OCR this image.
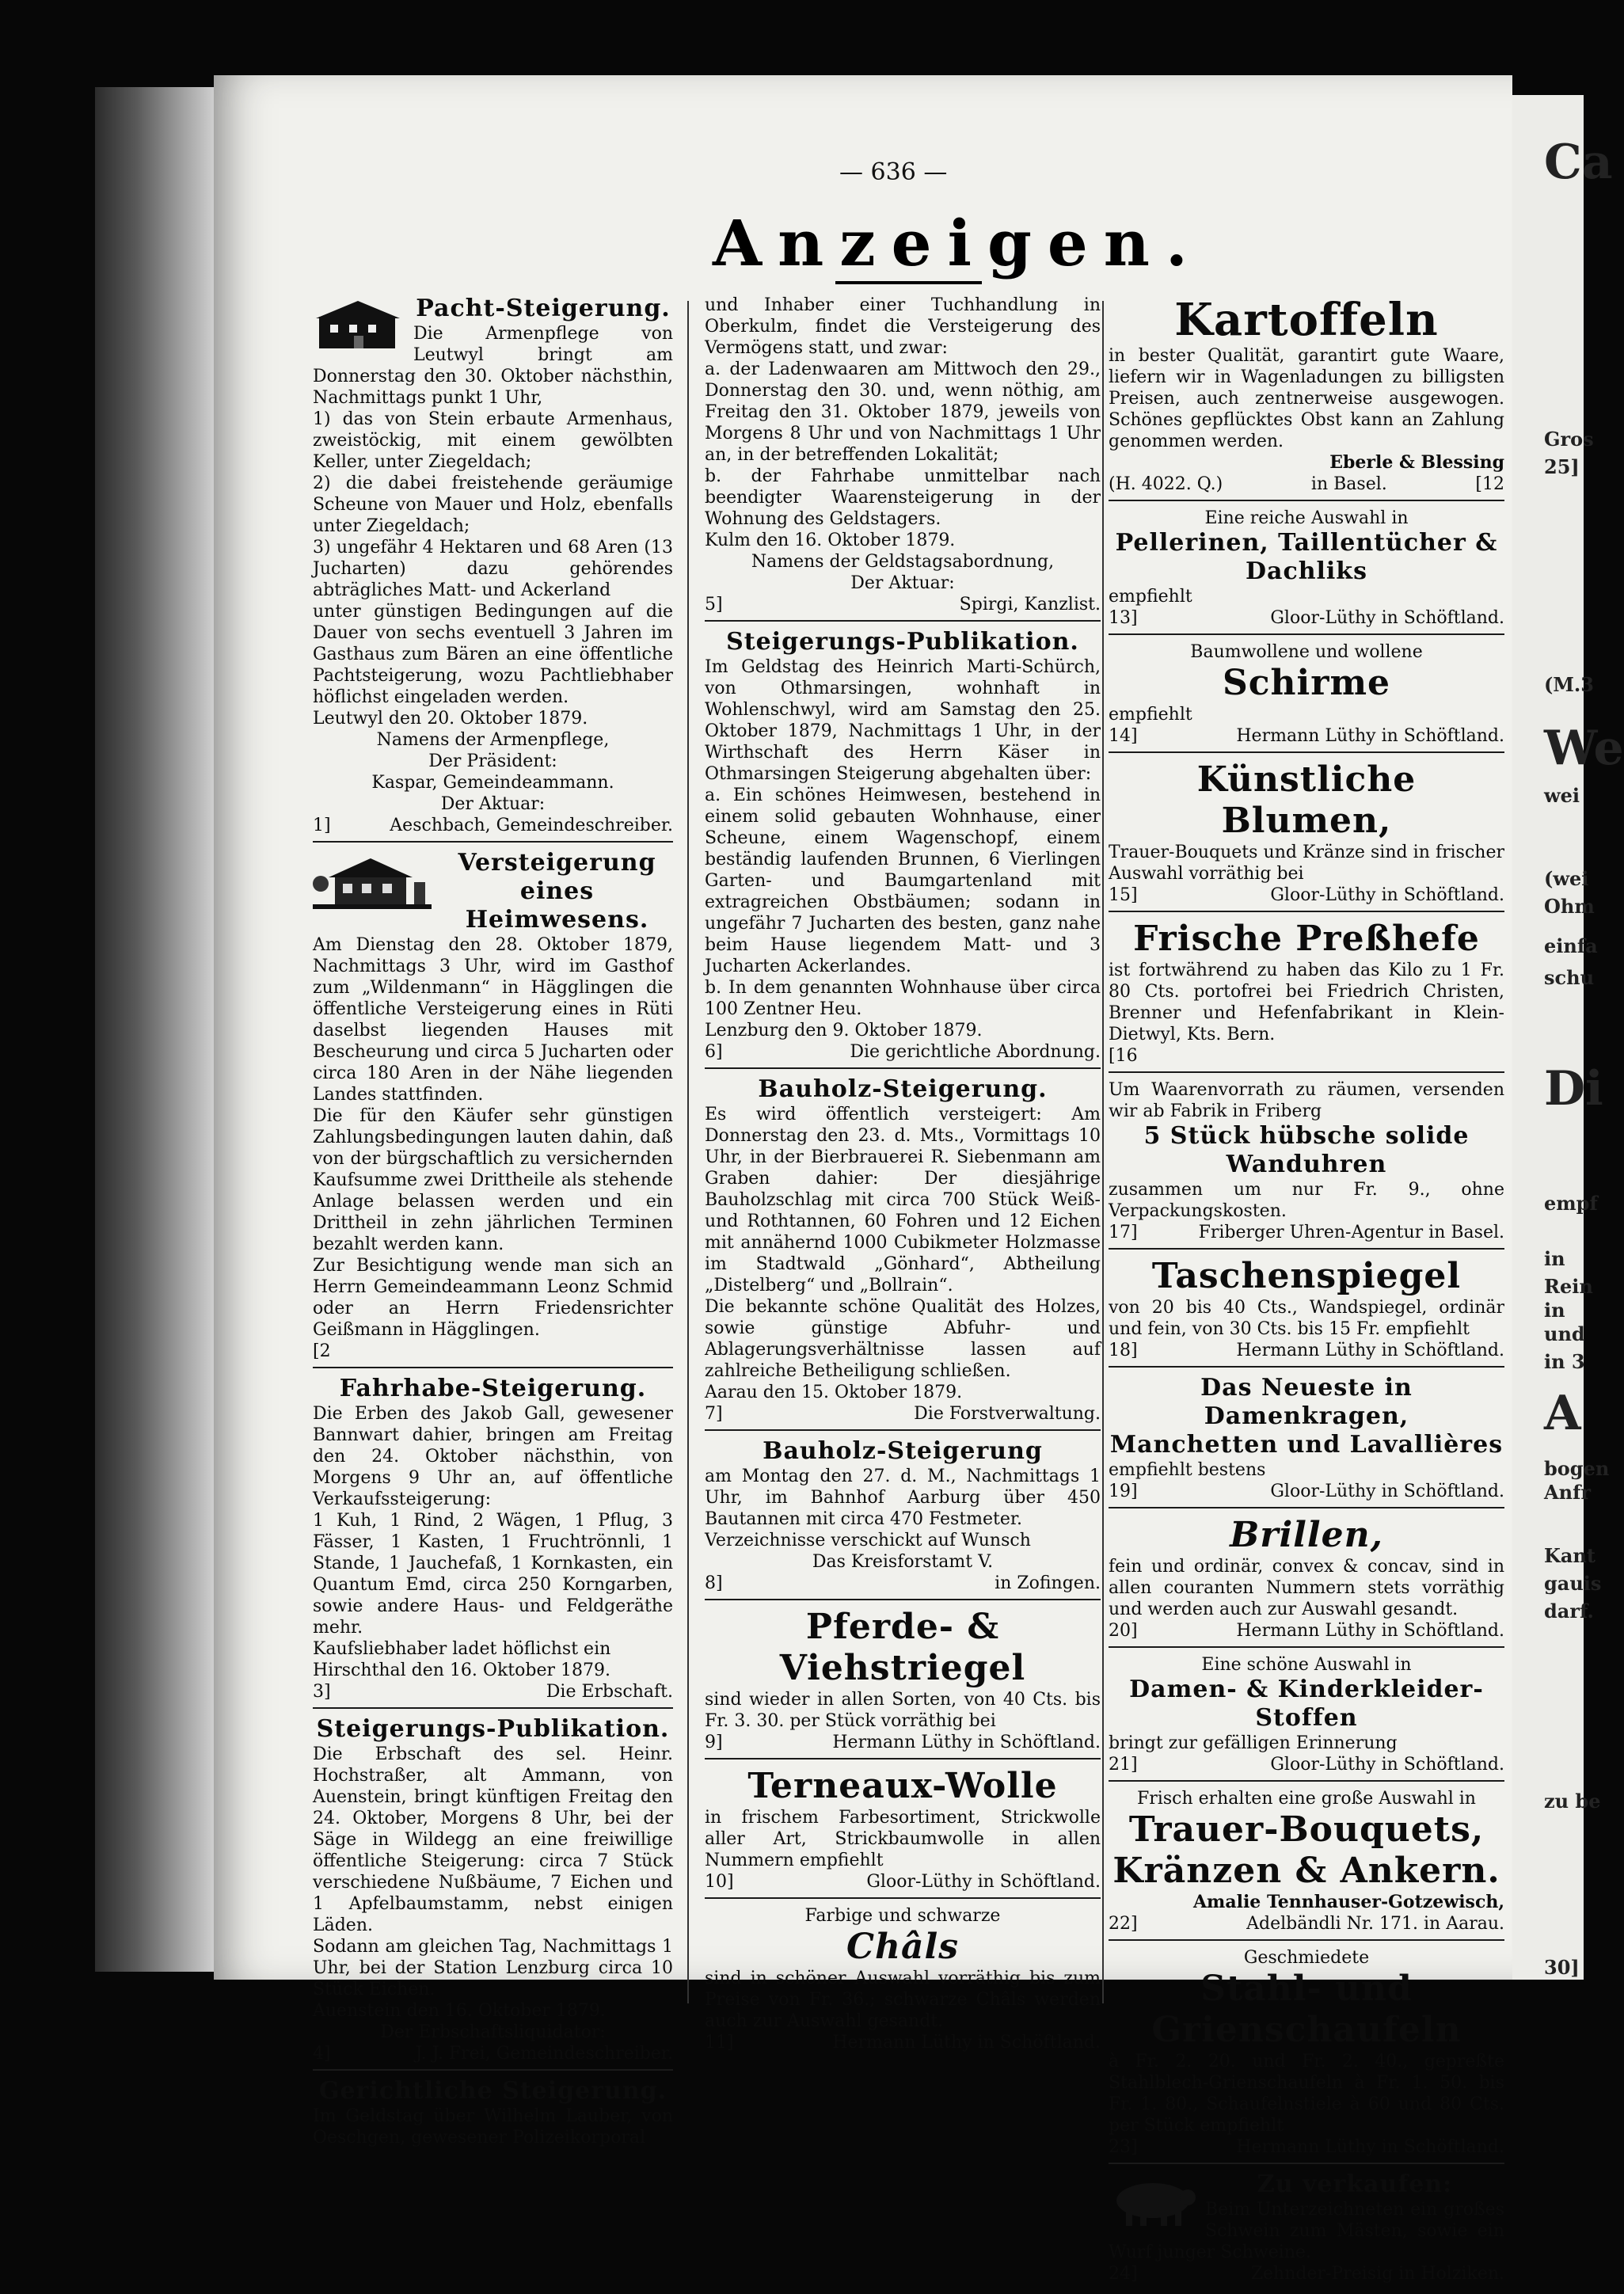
Ca
Gros
25]
(M.3
We
wei
(wei
Ohm
einfa
schu
Di
empf
in
Rein
in
und
in 3
A
bogen
Anfr
Kant
gauis
darf.
zu be
30]
— 636 —
Anzeigen.
Pacht-Steigerung.
Die Armenpflege von Leutwyl bringt am Donnerstag den 30. Oktober nächsthin, Nachmittags punkt 1 Uhr,
1) das von Stein erbaute Armenhaus, zweistöckig, mit einem gewölbten Keller, unter Ziegeldach;
2) die dabei freistehende geräumige Scheune von Mauer und Holz, ebenfalls unter Ziegeldach;
3) ungefähr 4 Hektaren und 68 Aren (13 Jucharten) dazu gehörendes abträgliches Matt- und Ackerland
unter günstigen Bedingungen auf die Dauer von sechs eventuell 3 Jahren im Gasthaus zum Bären an eine öffentliche Pachtsteigerung, wozu Pachtliebhaber höflichst eingeladen werden.
Leutwyl den 20. Oktober 1879.
Namens der Armenpflege,
Der Präsident:
Kaspar, Gemeindeammann.
Der Aktuar:
1]	Aeschbach, Gemeindeschreiber.
Versteigerung eines Heimwesens.
Am Dienstag den 28. Oktober 1879, Nachmittags 3 Uhr, wird im Gasthof zum „Wildenmann“ in Hägglingen die öffentliche Versteigerung eines in Rüti daselbst liegenden Hauses mit Bescheurung und circa 5 Jucharten oder circa 180 Aren in der Nähe liegenden Landes stattfinden.
Die für den Käufer sehr günstigen Zahlungsbedingungen lauten dahin, daß von der bürgschaftlich zu versichernden Kaufsumme zwei Drittheile als stehende Anlage belassen werden und ein Drittheil in zehn jährlichen Terminen bezahlt werden kann.
Zur Besichtigung wende man sich an Herrn Gemeindeammann Leonz Schmid oder an Herrn Friedensrichter Geißmann in Hägglingen.
[2
Fahrhabe-Steigerung.
Die Erben des Jakob Gall, gewesener Bannwart dahier, bringen am Freitag den 24. Oktober nächsthin, von Morgens 9 Uhr an, auf öffentliche Verkaufssteigerung:
1 Kuh, 1 Rind, 2 Wägen, 1 Pflug, 3 Fässer, 1 Kasten, 1 Fruchtrönnli, 1 Stande, 1 Jauchefaß, 1 Kornkasten, ein Quantum Emd, circa 250 Korngarben, sowie andere Haus- und Feldgeräthe mehr.
Kaufsliebhaber ladet höflichst ein
Hirschthal den 16. Oktober 1879.
3]	Die Erbschaft.
Steigerungs-Publikation.
Die Erbschaft des sel. Heinr. Hochstraßer, alt Ammann, von Auenstein, bringt künftigen Freitag den 24. Oktober, Morgens 8 Uhr, bei der Säge in Wildegg an eine freiwillige öffentliche Steigerung: circa 7 Stück verschiedene Nußbäume, 7 Eichen und 1 Apfelbaumstamm, nebst einigen Läden.
Sodann am gleichen Tag, Nachmittags 1 Uhr, bei der Station Lenzburg circa 10 Stück Eichen.
Auenstein den 16. Oktober 1879.
Der Erbschaftsliquidator:
4]	J. J. Frei, Gemeindeschreiber.
Gerichtliche Steigerung.
Im Geldstag über Wilhelm Lauber, von Oeschgen, gewesener Polizeikorporal
und Inhaber einer Tuchhandlung in Oberkulm, findet die Versteigerung des Vermögens statt, und zwar:
a. der Ladenwaaren am Mittwoch den 29., Donnerstag den 30. und, wenn nöthig, am Freitag den 31. Oktober 1879, jeweils von Morgens 8 Uhr und von Nachmittags 1 Uhr an, in der betreffenden Lokalität;
b. der Fahrhabe unmittelbar nach beendigter Waarensteigerung in der Wohnung des Geldstagers.
Kulm den 16. Oktober 1879.
Namens der Geldstagsabordnung,
Der Aktuar:
5]	Spirgi, Kanzlist.
Steigerungs-Publikation.
Im Geldstag des Heinrich Marti-Schürch, von Othmarsingen, wohnhaft in Wohlenschwyl, wird am Samstag den 25. Oktober 1879, Nachmittags 1 Uhr, in der Wirthschaft des Herrn Käser in Othmarsingen Steigerung abgehalten über:
a. Ein schönes Heimwesen, bestehend in einem solid gebauten Wohnhause, einer Scheune, einem Wagenschopf, einem beständig laufenden Brunnen, 6 Vierlingen Garten- und Baumgartenland mit extragreichen Obstbäumen; sodann in ungefähr 7 Jucharten des besten, ganz nahe beim Hause liegendem Matt- und 3 Jucharten Ackerlandes.
b. In dem genannten Wohnhause über circa 100 Zentner Heu.
Lenzburg den 9. Oktober 1879.
6]	Die gerichtliche Abordnung.
Bauholz-Steigerung.
Es wird öffentlich versteigert: Am Donnerstag den 23. d. Mts., Vormittags 10 Uhr, in der Bierbrauerei R. Siebenmann am Graben dahier: Der diesjährige Bauholzschlag mit circa 700 Stück Weiß- und Rothtannen, 60 Fohren und 12 Eichen mit annähernd 1000 Cubikmeter Holzmasse im Stadtwald „Gönhard“, Abtheilung „Distelberg“ und „Bollrain“.
Die bekannte schöne Qualität des Holzes, sowie günstige Abfuhr- und Ablagerungsverhältnisse lassen auf zahlreiche Betheiligung schließen.
Aarau den 15. Oktober 1879.
7]	Die Forstverwaltung.
Bauholz-Steigerung
am Montag den 27. d. M., Nachmittags 1 Uhr, im Bahnhof Aarburg über 450 Bautannen mit circa 470 Festmeter.
Verzeichnisse verschickt auf Wunsch
Das Kreisforstamt V.
8]	in Zofingen.
Pferde- & Viehstriegel
sind wieder in allen Sorten, von 40 Cts. bis Fr. 3. 30. per Stück vorräthig bei
9]	Hermann Lüthy in Schöftland.
Terneaux-Wolle
in frischem Farbesortiment, Strickwolle aller Art, Strickbaumwolle in allen Nummern empfiehlt
10]	Gloor-Lüthy in Schöftland.
Farbige und schwarze
Châls
sind in schöner Auswahl vorräthig bis zum Preise von Fr. 36.; schwarze Châls werden auch zur Auswahl gesandt.
11]	Hermann Lüthy in Schöftland.
Kartoffeln
in bester Qualität, garantirt gute Waare, liefern wir in Wagenladungen zu billigsten Preisen, auch zentnerweise ausgewogen. Schönes gepflücktes Obst kann an Zahlung genommen werden.
Eberle & Blessing
(H. 4022. Q.)	in Basel.	[12
Eine reiche Auswahl in
Pellerinen, Taillentücher & Dachliks
empfiehlt
13]	Gloor-Lüthy in Schöftland.
Baumwollene und wollene
Schirme
empfiehlt
14]	Hermann Lüthy in Schöftland.
Künstliche Blumen,
Trauer-Bouquets und Kränze sind in frischer Auswahl vorräthig bei
15]	Gloor-Lüthy in Schöftland.
Frische Preßhefe
ist fortwährend zu haben das Kilo zu 1 Fr. 80 Cts. portofrei bei Friedrich Christen, Brenner und Hefenfabrikant in Klein-Dietwyl, Kts. Bern.
[16
Um Waarenvorrath zu räumen, versenden wir ab Fabrik in Friberg
5 Stück hübsche solide Wanduhren
zusammen um nur Fr. 9., ohne Verpackungskosten.
17]	Friberger Uhren-Agentur in Basel.
Taschenspiegel
von 20 bis 40 Cts., Wandspiegel, ordinär und fein, von 30 Cts. bis 15 Fr. empfiehlt
18]	Hermann Lüthy in Schöftland.
Das Neueste in Damenkragen,
Manchetten und Lavallières
empfiehlt bestens
19]	Gloor-Lüthy in Schöftland.
Brillen,
fein und ordinär, convex & concav, sind in allen couranten Nummern stets vorräthig und werden auch zur Auswahl gesandt.
20]	Hermann Lüthy in Schöftland.
Eine schöne Auswahl in
Damen- & Kinderkleider-Stoffen
bringt zur gefälligen Erinnerung
21]	Gloor-Lüthy in Schöftland.
Frisch erhalten eine große Auswahl in
Trauer-Bouquets,
Kränzen & Ankern.
Amalie Tennhauser-Gotzewisch,
22]	Adelbändli Nr. 171. in Aarau.
Geschmiedete
Stahl- und Grienschaufeln
à Fr. 2. 20. und Fr. 2. 40., gepreßte Stahlblech-Grienschaufeln à Fr. 1. 50. bis Fr. 1. 80., Schaufelnstiele à 60 und 80 Cts. per Stück empfiehlt
23]	Hermann Lüthy in Schöftland.
Zu verkaufen:
Beim Unterzeichneten ein großes Schwein zum Mästen, sowie ein Wurf junger Schweine.
24]	Zehnder-Preisig in Holziken.
